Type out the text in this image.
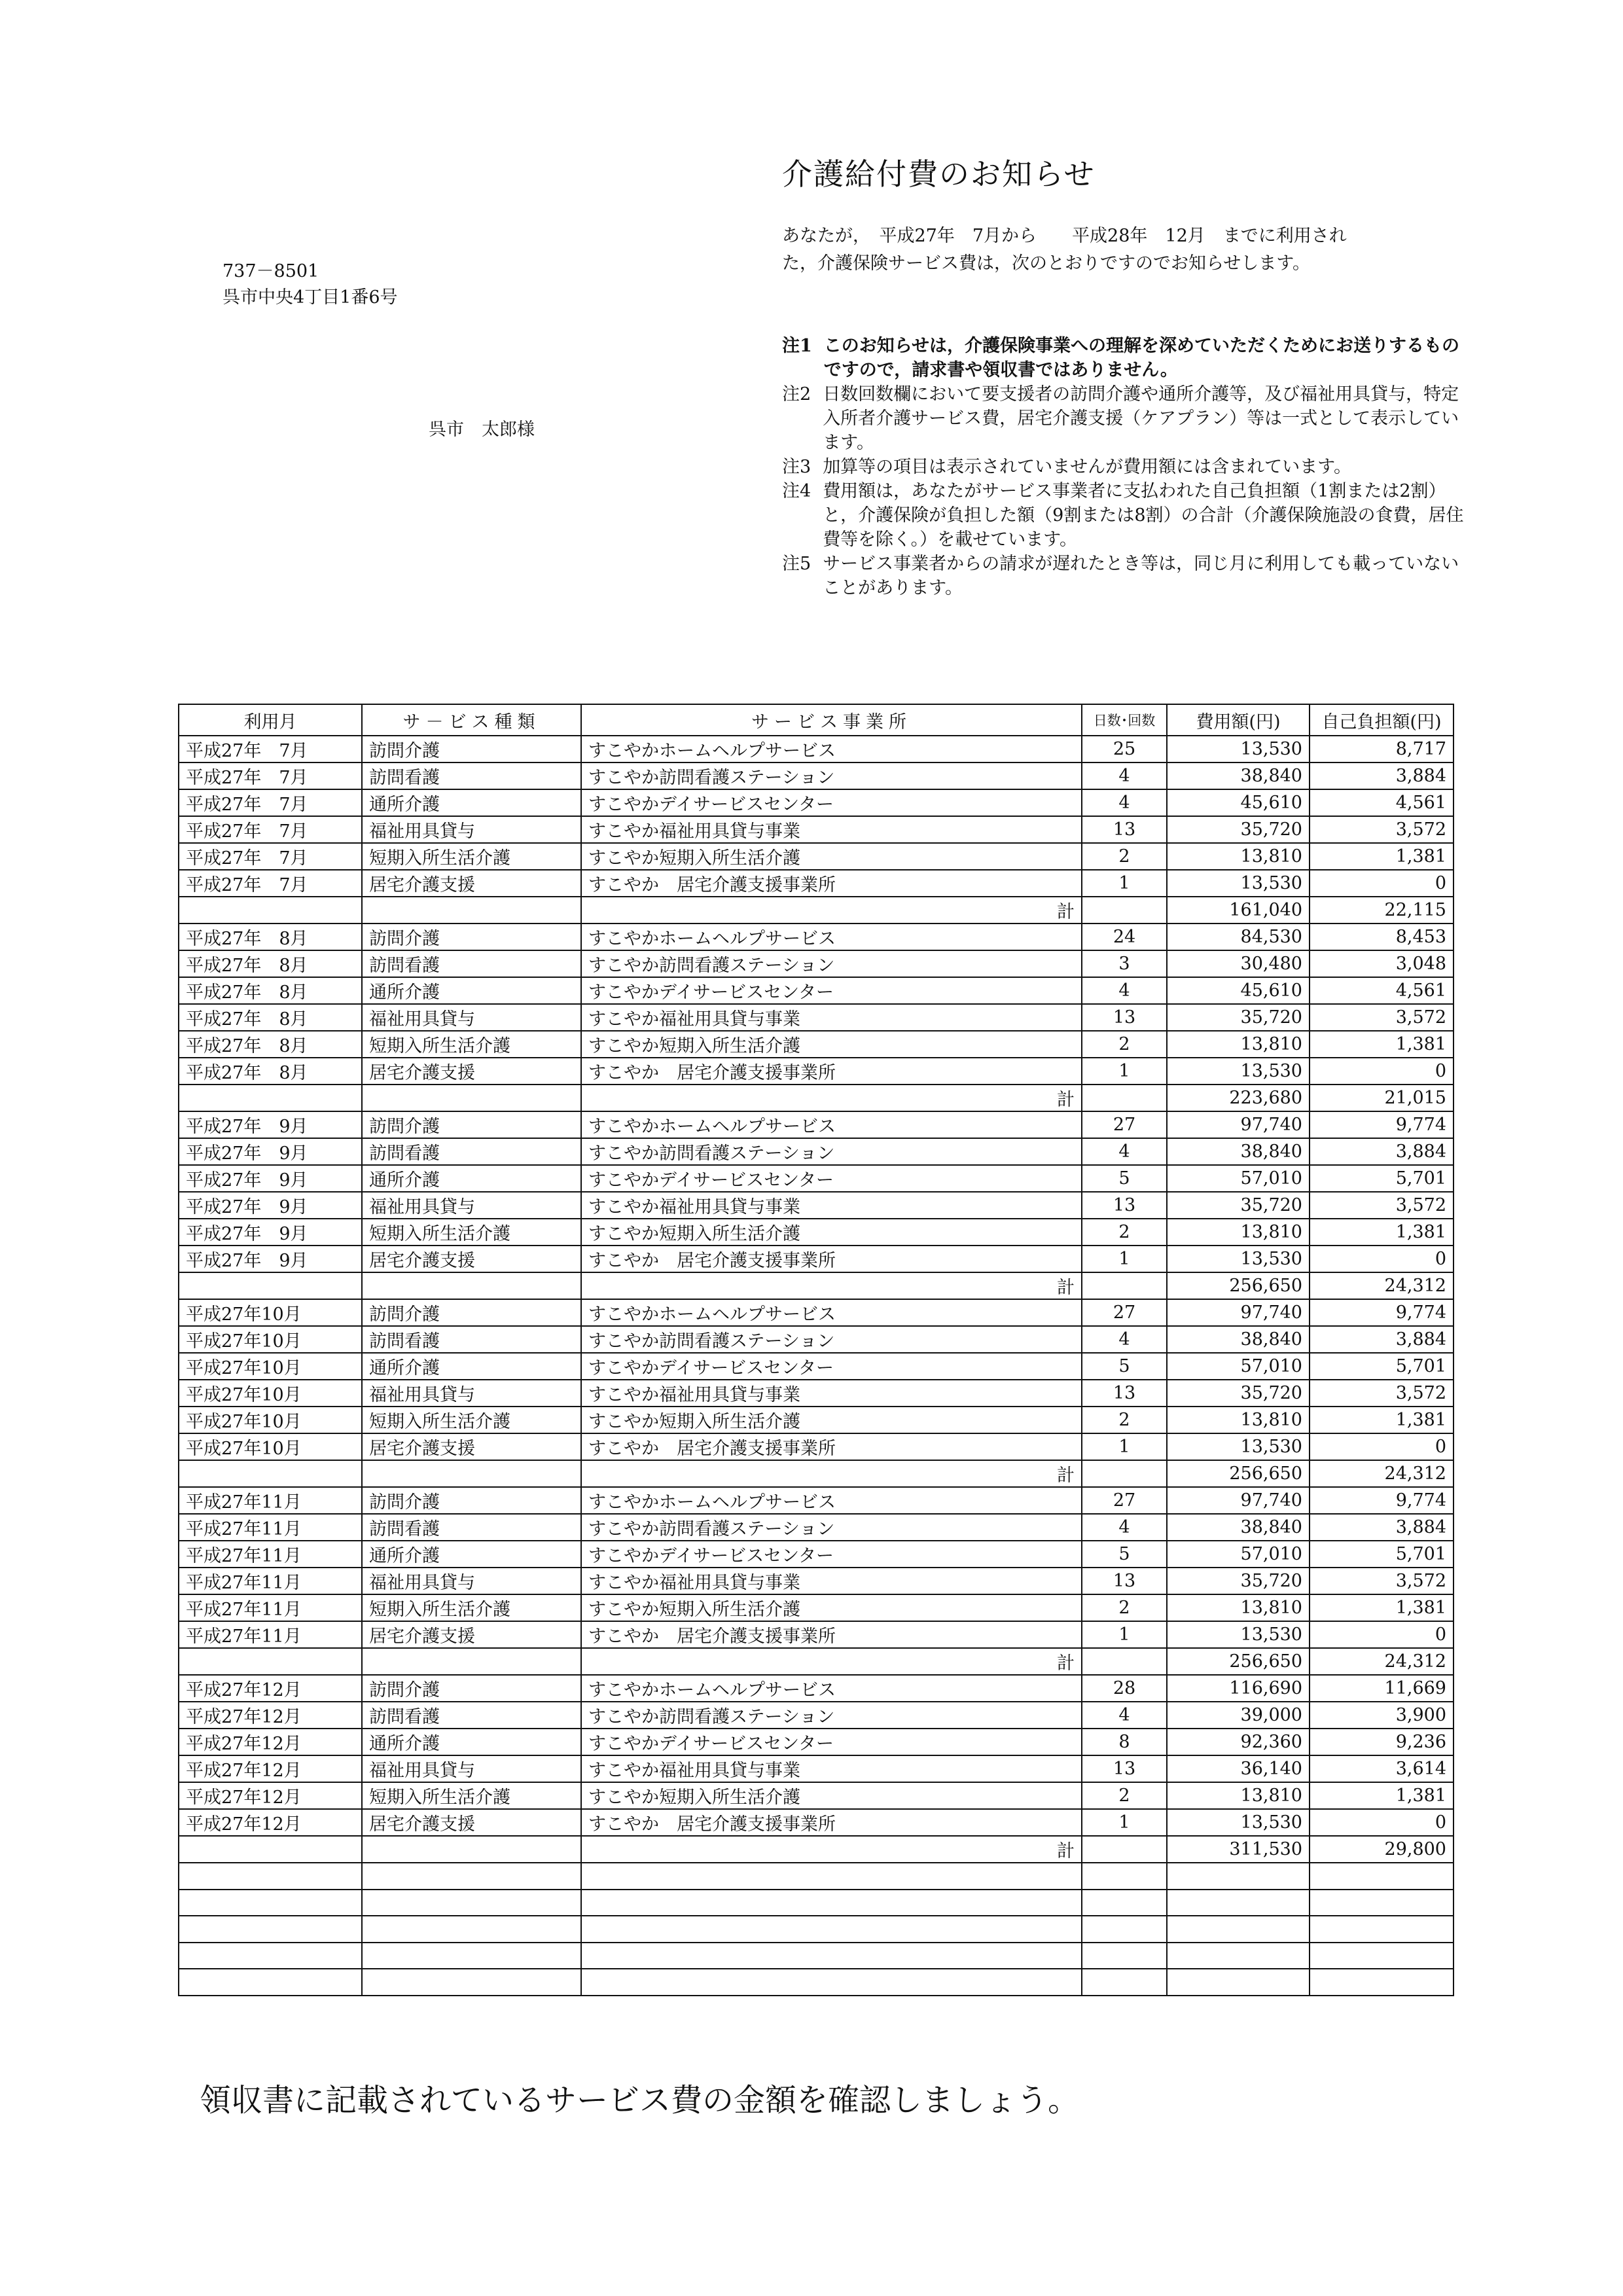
介護給付費のお知らせ
737－8501
呉市中央4丁目1番6号
呉市　太郎様
あなたが，　平成27年　7月から　　平成28年　12月　までに利用された，介護保険サービス費は，次のとおりですのでお知らせします。
注1 このお知らせは，介護保険事業への理解を深めていただくためにお送りするものですので，請求書や領収書ではありません。
注2 日数回数欄において要支援者の訪問介護や通所介護等，及び福祉用具貸与，特定入所者介護サービス費，居宅介護支援（ケアプラン）等は一式として表示しています。
注3 加算等の項目は表示されていませんが費用額には含まれています。
注4 費用額は，あなたがサービス事業者に支払われた自己負担額（1割または2割）と，介護保険が負担した額（9割または8割）の合計（介護保険施設の食費，居住費等を除く。）を載せています。
注5 サービス事業者からの請求が遅れたとき等は，同じ月に利用しても載っていないことがあります。
利用月	サ－ビス種類	サービス事業所	日数･回数	費用額(円)	自己負担額(円)
平成27年　7月	訪問介護	すこやかホームヘルプサービス	25	13,530	8,717
平成27年　7月	訪問看護	すこやか訪問看護ステーション	4	38,840	3,884
平成27年　7月	通所介護	すこやかデイサービスセンター	4	45,610	4,561
平成27年　7月	福祉用具貸与	すこやか福祉用具貸与事業	13	35,720	3,572
平成27年　7月	短期入所生活介護	すこやか短期入所生活介護	2	13,810	1,381
平成27年　7月	居宅介護支援	すこやか　居宅介護支援事業所	1	13,530	0
		計		161,040	22,115
平成27年　8月	訪問介護	すこやかホームヘルプサービス	24	84,530	8,453
平成27年　8月	訪問看護	すこやか訪問看護ステーション	3	30,480	3,048
平成27年　8月	通所介護	すこやかデイサービスセンター	4	45,610	4,561
平成27年　8月	福祉用具貸与	すこやか福祉用具貸与事業	13	35,720	3,572
平成27年　8月	短期入所生活介護	すこやか短期入所生活介護	2	13,810	1,381
平成27年　8月	居宅介護支援	すこやか　居宅介護支援事業所	1	13,530	0
		計		223,680	21,015
平成27年　9月	訪問介護	すこやかホームヘルプサービス	27	97,740	9,774
平成27年　9月	訪問看護	すこやか訪問看護ステーション	4	38,840	3,884
平成27年　9月	通所介護	すこやかデイサービスセンター	5	57,010	5,701
平成27年　9月	福祉用具貸与	すこやか福祉用具貸与事業	13	35,720	3,572
平成27年　9月	短期入所生活介護	すこやか短期入所生活介護	2	13,810	1,381
平成27年　9月	居宅介護支援	すこやか　居宅介護支援事業所	1	13,530	0
		計		256,650	24,312
平成27年10月	訪問介護	すこやかホームヘルプサービス	27	97,740	9,774
平成27年10月	訪問看護	すこやか訪問看護ステーション	4	38,840	3,884
平成27年10月	通所介護	すこやかデイサービスセンター	5	57,010	5,701
平成27年10月	福祉用具貸与	すこやか福祉用具貸与事業	13	35,720	3,572
平成27年10月	短期入所生活介護	すこやか短期入所生活介護	2	13,810	1,381
平成27年10月	居宅介護支援	すこやか　居宅介護支援事業所	1	13,530	0
		計		256,650	24,312
平成27年11月	訪問介護	すこやかホームヘルプサービス	27	97,740	9,774
平成27年11月	訪問看護	すこやか訪問看護ステーション	4	38,840	3,884
平成27年11月	通所介護	すこやかデイサービスセンター	5	57,010	5,701
平成27年11月	福祉用具貸与	すこやか福祉用具貸与事業	13	35,720	3,572
平成27年11月	短期入所生活介護	すこやか短期入所生活介護	2	13,810	1,381
平成27年11月	居宅介護支援	すこやか　居宅介護支援事業所	1	13,530	0
		計		256,650	24,312
平成27年12月	訪問介護	すこやかホームヘルプサービス	28	116,690	11,669
平成27年12月	訪問看護	すこやか訪問看護ステーション	4	39,000	3,900
平成27年12月	通所介護	すこやかデイサービスセンター	8	92,360	9,236
平成27年12月	福祉用具貸与	すこやか福祉用具貸与事業	13	36,140	3,614
平成27年12月	短期入所生活介護	すこやか短期入所生活介護	2	13,810	1,381
平成27年12月	居宅介護支援	すこやか　居宅介護支援事業所	1	13,530	0
		計		311,530	29,800

領収書に記載されているサービス費の金額を確認しましょう。
